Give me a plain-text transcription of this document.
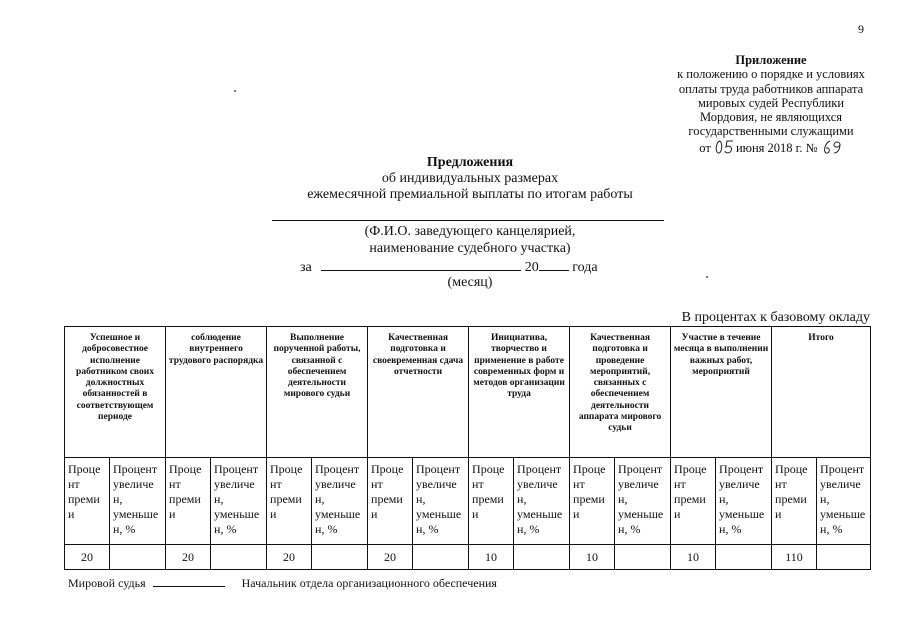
9
Приложение
к положению о порядке и условиях
оплаты труда работников аппарата
мировых судей Республики
Мордовия, не являющихся
государственными служащими
от июня 2018 г. №
Предложения
об индивидуальных размерах
ежемесячной премиальной выплаты по итогам работы
(Ф.И.О. заведующего канцелярией,
наименование судебного участка)
за	20 года
(месяц)
В процентах к базовому окладу
Успешное и добросовестное исполнение работником своих должностных обязанностей в соответствующем периоде		соблюдение внутреннего трудового распорядка		Выполнение порученной работы, связанной с обеспечением деятельности мирового судьи		Качественная подготовка и своевременная сдача отчетности		Инициатива, творчество и применение в работе современных форм и методов организации труда		Качественная подготовка и проведение мероприятий, связанных с обеспечением деятельности аппарата мирового судьи		Участие в течение месяца в выполнении важных работ, мероприятий		Итого	
Проце нт преми и	Процент увеличе н, уменьше н, %	Проце нт преми и	Процент увеличе н, уменьше н, %	Проце нт преми и	Процент увеличе н, уменьше н, %	Проце нт преми и	Процент увеличе н, уменьше н, %	Проце нт преми и	Процент увеличе н, уменьше н, %	Проце нт преми и	Процент увеличе н, уменьше н, %	Проце нт преми и	Процент увеличе н, уменьше н, %	Проце нт преми и	Процент увеличе н, уменьше н, %
20		20		20		20		10		10		10		110	
Мировой судья	Начальник отдела организационного обеспечения
